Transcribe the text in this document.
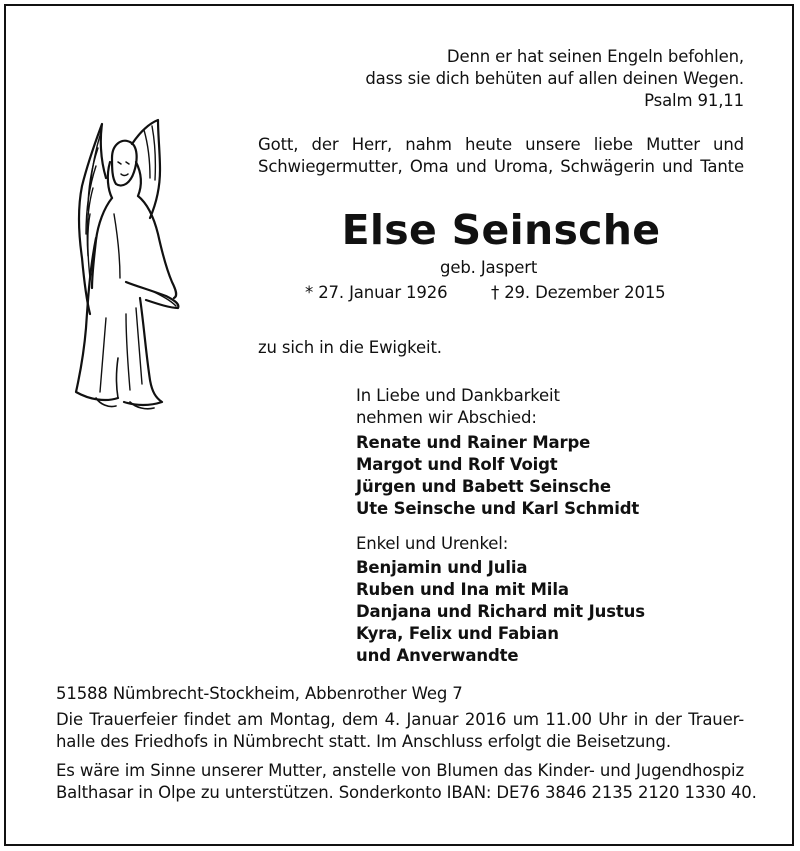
Denn er hat seinen Engeln befohlen,
dass sie dich behüten auf allen deinen Wegen.
Psalm 91,11
Gott, der Herr, nahm heute unsere liebe Mutter und
Schwiegermutter, Oma und Uroma, Schwägerin und Tante
Else Seinsche
geb. Jaspert
* 27. Januar 1926	† 29. Dezember 2015
zu sich in die Ewigkeit.
In Liebe und Dankbarkeit
nehmen wir Abschied:
Renate und Rainer Marpe
Margot und Rolf Voigt
Jürgen und Babett Seinsche
Ute Seinsche und Karl Schmidt
Enkel und Urenkel:
Benjamin und Julia
Ruben und Ina mit Mila
Danjana und Richard mit Justus
Kyra, Felix und Fabian
und Anverwandte
51588 Nümbrecht-Stockheim, Abbenrother Weg 7
Die Trauerfeier findet am Montag, dem 4. Januar 2016 um 11.00 Uhr in der Trauer-
halle des Friedhofs in Nümbrecht statt. Im Anschluss erfolgt die Beisetzung.
Es wäre im Sinne unserer Mutter, anstelle von Blumen das Kinder- und Jugendhospiz
Balthasar in Olpe zu unterstützen. Sonderkonto IBAN: DE76 3846 2135 2120 1330 40.
